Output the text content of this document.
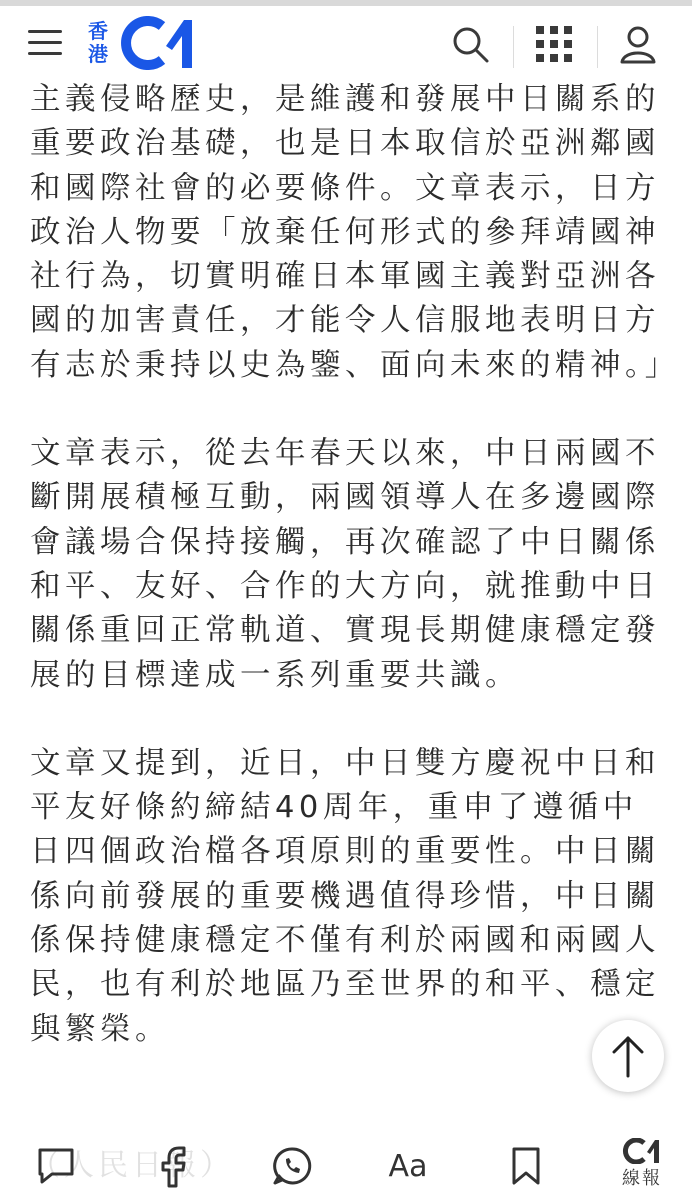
香港

主義侵略歷史，是維護和發展中日關系的重要政治基礎，也是日本取信於亞洲鄰國和國際社會的必要條件。文章表示，日方政治人物要「放棄任何形式的參拜靖國神社行為，切實明確日本軍國主義對亞洲各國的加害責任，才能令人信服地表明日方有志於秉持以史為鑒、面向未來的精神。」

文章表示，從去年春天以來，中日兩國不斷開展積極互動，兩國領導人在多邊國際會議場合保持接觸，再次確認了中日關係和平、友好、合作的大方向，就推動中日關係重回正常軌道、實現長期健康穩定發展的目標達成一系列重要共識。

文章又提到，近日，中日雙方慶祝中日和平友好條約締結40周年，重申了遵循中日四個政治檔各項原則的重要性。中日關係向前發展的重要機遇值得珍惜，中日關係保持健康穩定不僅有利於兩國和兩國人民，也有利於地區乃至世界的和平、穩定與繁榮。

Aa	線報
